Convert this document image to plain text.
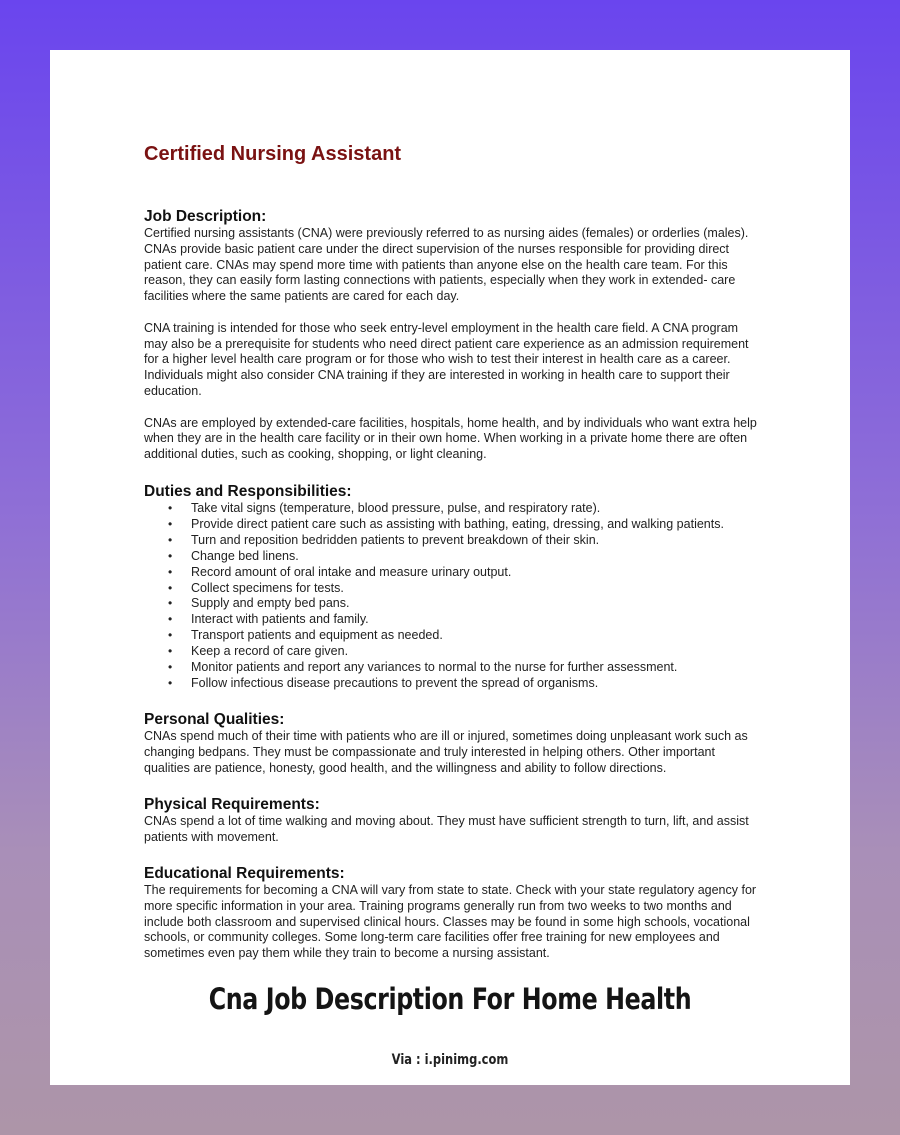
Certified Nursing Assistant

Job Description:

Certified nursing assistants (CNA) were previously referred to as nursing aides (females) or orderlies (males). CNAs provide basic patient care under the direct supervision of the nurses responsible for providing direct patient care. CNAs may spend more time with patients than anyone else on the health care team. For this reason, they can easily form lasting connections with patients, especially when they work in extended- care facilities where the same patients are cared for each day.

CNA training is intended for those who seek entry-level employment in the health care field. A CNA program may also be a prerequisite for students who need direct patient care experience as an admission requirement for a higher level health care program or for those who wish to test their interest in health care as a career. Individuals might also consider CNA training if they are interested in working in health care to support their education.

CNAs are employed by extended-care facilities, hospitals, home health, and by individuals who want extra help when they are in the health care facility or in their own home. When working in a private home there are often additional duties, such as cooking, shopping, or light cleaning.

Duties and Responsibilities:

• Take vital signs (temperature, blood pressure, pulse, and respiratory rate).
• Provide direct patient care such as assisting with bathing, eating, dressing, and walking patients.
• Turn and reposition bedridden patients to prevent breakdown of their skin.
• Change bed linens.
• Record amount of oral intake and measure urinary output.
• Collect specimens for tests.
• Supply and empty bed pans.
• Interact with patients and family.
• Transport patients and equipment as needed.
• Keep a record of care given.
• Monitor patients and report any variances to normal to the nurse for further assessment.
• Follow infectious disease precautions to prevent the spread of organisms.

Personal Qualities:

CNAs spend much of their time with patients who are ill or injured, sometimes doing unpleasant work such as changing bedpans. They must be compassionate and truly interested in helping others. Other important qualities are patience, honesty, good health, and the willingness and ability to follow directions.

Physical Requirements:

CNAs spend a lot of time walking and moving about. They must have sufficient strength to turn, lift, and assist patients with movement.

Educational Requirements:

The requirements for becoming a CNA will vary from state to state. Check with your state regulatory agency for more specific information in your area. Training programs generally run from two weeks to two months and include both classroom and supervised clinical hours. Classes may be found in some high schools, vocational schools, or community colleges. Some long-term care facilities offer free training for new employees and sometimes even pay them while they train to become a nursing assistant.

Cna Job Description For Home Health
Via : i.pinimg.com
